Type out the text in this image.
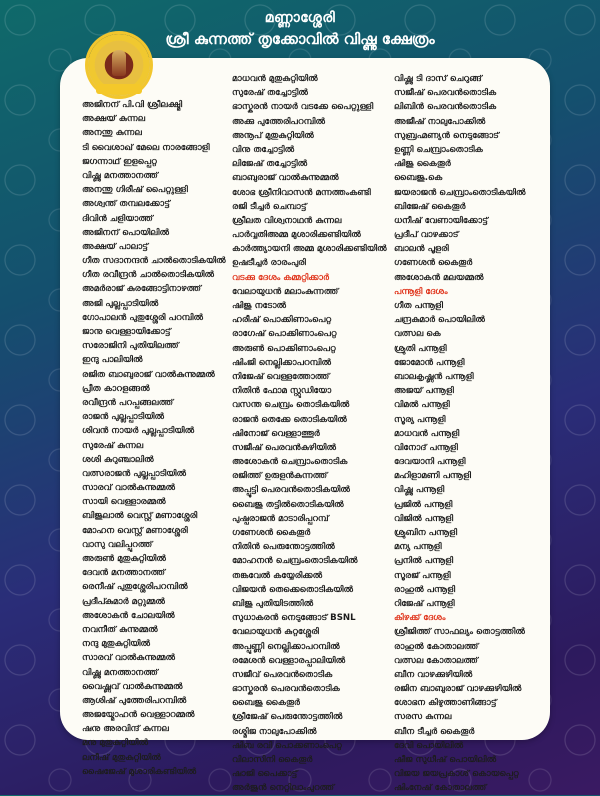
മണ്ണാശ്ശേരി
ശ്രീ കുന്നത്ത് തൃക്കോവിൽ വിഷ്ണു ക്ഷേത്രം
അജിനന് പി.വി ശ്രീലക്ഷ്മി
അക്ഷയ് കുന്നല
അനന്തു കുന്നല
ടി വൈശാഖ് മേലെ നാരങ്ങോളി
ജഗന്നാഥ് ഇളപ്പെറ്റ
വിഷ്ണു മനത്താനത്ത്
അനന്തു ഗിരീഷ് പൈറ്റുള്ളി
അശ്വന്ത് തമ്പലക്കോട്ട്
ദിവിൻ ചളിയാത്ത്
അജിനന് പൊയിലിൽ
അക്ഷയ് പാലാട്ട്
ഗീത സദാനന്ദൻ ചാൽതൊടികയിൽ
ഗീത രവീന്ദ്രൻ ചാൽതൊടികയിൽ
അമർരാജ് കുരങ്ങോട്ടിനാഴത്ത്
അജി പുല്ലപ്പാടിയിൽ
ഗോപാലൻ പുതുശ്ശേരി പറമ്പിൽ
ജാനു വെള്ളായിക്കോട്ട്
സരോജിനി പുതിയിലത്ത്
ഇന്ദു പാലിയിൽ
രജിത ബാബുരാജ് വാൽകുന്നുമ്മൽ
പ്രീത കാറളങ്ങൽ
രവീന്ദ്രൻ പറപ്പങ്ങലത്ത്
രാജൻ പുല്ലപ്പാടിയിൽ
ശിവൻ നായർ പുല്ലപ്പാടിയിൽ
സുരേഷ് കുന്നല
ശശി കുറുഞ്ചാലിൽ
വത്സരാജൻ പുല്ലപ്പാടിയിൽ
സാരവ് വാൽകുന്നുമ്മൽ
സായി വെള്ളാരമ്മൽ
ബിജുലാൽ വെസ്റ്റ് മണാശ്ശേരി
മോഹന വെസ്റ്റ് മണാശ്ശേരി
വാസു വലിപ്പുറത്ത്
അരുൺ മുതുകുറ്റിയിൽ
ദേവൻ മനത്താനത്ത്
രെനീഷ് പുതുശ്ശേരിപറമ്പിൽ
പ്രദീപ്കുമാർ മറ്റുമ്മൽ
അശോകൻ ചോലയിൽ
നവനീത് കുന്നുമ്മൽ
നന്ദു മുതുകുറ്റിയിൽ
സാരവ് വാൽകുന്നുമ്മൽ
വിഷ്ണു മനത്താനത്ത്
വൈഷ്ണവ് വാൽകുന്നുമ്മൽ
ആശിഷ് പുത്തേരിപറമ്പിൽ
അജയ്മോഹൻ വെള്ളാറമ്മൽ
ഷനു അരവിന്ദ് കുന്നല
മനു മുതുകുറ്റിയിൽ
ലനീഷ് മുതുകുറ്റിയിൽ
ഷൈജേഷ് മുശാരികണ്ടിയിൽ
മാധവൻ മുതുകുറ്റിയിൽ
സുരേഷ് തച്ചോട്ടിൽ
ഭാസ്കരൻ നായർ വടക്കേ പൈറ്റുള്ളി
അക്കു പുത്തേരിപറമ്പിൽ
അനൂപ് മുതുകുറ്റിയിൽ
വിനു തച്ചോട്ടിൽ
ലിജേഷ് തച്ചോട്ടിൽ
ബാബുരാജ് വാൽകുന്നുമ്മൽ
ശോഭ ശ്രീനിവാസൻ മന്നത്തംകണ്ടി
രജി ടീച്ചർ ചെമ്പാട്ട്
ശ്രീലത വിശ്വനാഥൻ കുന്നല
പാർവ്വതിഅമ്മ മുശാരിക്കണ്ടിയിൽ
കാർത്ത്യായനി അമ്മ മുശാരിക്കണ്ടിയിൽ
ഉഷടീച്ചർ രാരംപുരി
വടക്കു ദേശം കമ്മറ്റിക്കാർ
വേലായുധൻ മലാംകുന്നത്ത്
ഷിജു നടോൽ
ഹരീഷ് പൊക്കിണാംപെറ്റ
രാഗേഷ് പൊക്കിണാംപെറ്റ
അരുൺ പൊക്കിണാംപെറ്റ
ഷിംജി നെല്ലിക്കാപറമ്പിൽ
നിജേഷ് വെള്ളത്തോത്ത്
നിതിൻ ഫോമ സ്റ്റുഡിയോ
വസന്ത ചെമ്പ്രം തൊടികയിൽ
രാജൻ തെക്കേ തൊടികയിൽ
ഷിനോജ് വെള്ളാത്തൂർ
സജീഷ് പെരവൻകുഴിയിൽ
അശോകൻ ചെമ്പ്രാംതൊടിക
രജിത്ത് ഉരുളൻകുന്നത്ത്
അപ്പൂട്ടി പെരവൻതൊടികയിൽ
ബൈജു തട്ടിൽതൊടികയിൽ
പുഷ്പരാജൻ മാടാരിപ്പറമ്പ്
ഗണേശൻ കൈതൂർ
നിതിൻ പെരുന്തോട്ടത്തിൽ
മോഹനൻ ചെമ്പ്രംതൊടികയിൽ
തങ്കവേൽ കയ്യേരിക്കൽ
വിജയൻ തെക്കെതൊടികയിൽ
ബിജു പുതിയിടത്തിൽ
സുധാകരൻ നെടുങ്ങോട് BSNL
വേലായുധൻ കുറ്റശ്ശേരി
അപ്പുണ്ണി നെല്ലിക്കാപറമ്പിൽ
രമേശൻ വെള്ളാരപ്പാലിയിൽ
സജീവ് പെരവൻതൊടിക
ഭാസ്കരൻ പെരവൻതൊടിക
ബൈജു കൈതൂർ
ശ്രീജേഷ് പെരുന്തോട്ടത്തിൽ
രശ്മിജ നാലുപോക്കിൽ
ഷിബ രവി പൊക്കണാംപെറ്റ
വിലാസിനി കൈതൂർ
ഷാജി പൈക്കാട്ട്
അർജുൻ നെറ്റിലാംപുറത്ത്
വിഷ്ണു ടി ദാസ് ചെറുങ്ങ്
സജീഷ് പെരവൻതൊടിക
ലിബിൻ പെരവൻതൊടിക
അജീഷ് നാലുപോക്കിൽ
സുബ്രഹ്മണ്യൻ നെടുങ്ങോട്
ഉണ്ണി ചെമ്പ്രാംതൊടിക
ഷിജു കൈതൂർ
ബൈജു.കെ
ജയരാജൻ ചെമ്പ്രാംതൊടികയിൽ
ബിജേഷ് കൈതൂർ
ധനീഷ് വേണായിക്കോട്ട്
പ്രദീപ് വാഴക്കാട്
ബാലൻ പൂളരി
ഗണേശൻ കൈതൂർ
അശോകൻ മലയമ്മൽ
പന്നൂളി ദേശം
ഗീത പന്നൂളി
ചന്ദ്രകുമാർ പൊയിലിൽ
വത്സല കെ
ശ്രുതി പന്നൂളി
ജോമോൻ പന്നൂളി
ബാലകൃഷ്ണൻ പന്നൂളി
അജയ് പന്നൂളി
വിമൽ പന്നൂളി
സൂര്യ പന്നൂളി
മാധവൻ പന്നൂളി
വിനോദ് പന്നൂളി
ദേവയാനി പന്നൂളി
മഹിളാമണി പന്നൂളി
വിഷ്ണു പന്നൂളി
പ്രജിൽ പന്നൂളി
വിജിൽ പന്നൂളി
ശ്രുബിന പന്നൂളി
മന്യ പന്നൂളി
പ്രനിൽ പന്നൂളി
സൂരജ് പന്നൂളി
രാഹുൽ പന്നൂളി
റിജേഷ് പന്നൂളി
കിഴക്ക് ദേശം
ശ്രീജിത്ത് സാഫല്യം തൊട്ടത്തിൽ
രാഹുൽ കോതാലത്ത്
വത്സല കോതാലത്ത്
ബീന വാഴക്കുഴിയിൽ
രജിന ബാബുരാജ് വാഴക്കുഴിയിൽ
ശോഭന കിഴുത്താണിങ്ങാട്ട്
സരസ കുന്നല
ബീന ടീച്ചർ കൈതൂർ
ദേവി പൊയിലിൽ
ഷീജ സുധീഷ് പൊയിലിൽ
വിജയ ജയപ്രകാശ് കൊയപ്പെറ്റ
ഷിംനേഷ് കോതാലത്ത്
